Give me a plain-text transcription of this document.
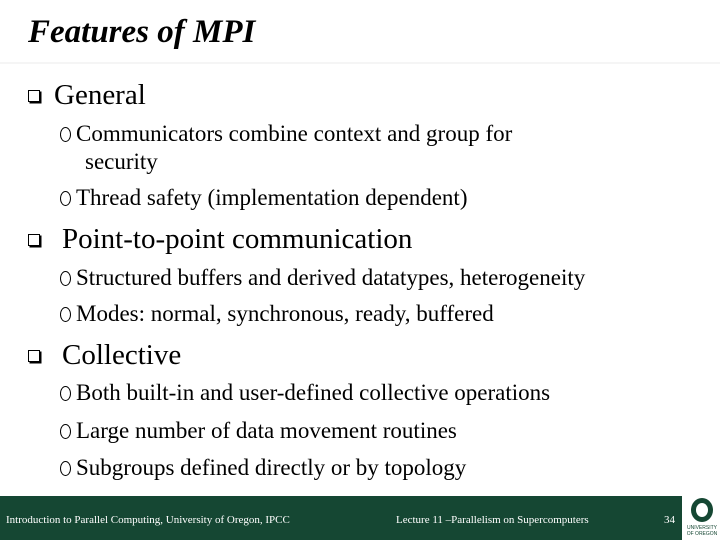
Features of MPI
General
Communicators combine context and group for
security
Thread safety (implementation dependent)
Point-to-point communication
Structured buffers and derived datatypes, heterogeneity
Modes: normal, synchronous, ready, buffered
Collective
Both built-in and user-defined collective operations
Large number of data movement routines
Subgroups defined directly or by topology
Introduction to Parallel Computing, University of Oregon, IPCC	Lecture 11 –Parallelism on Supercomputers	34
UNIVERSITY
OF OREGON
